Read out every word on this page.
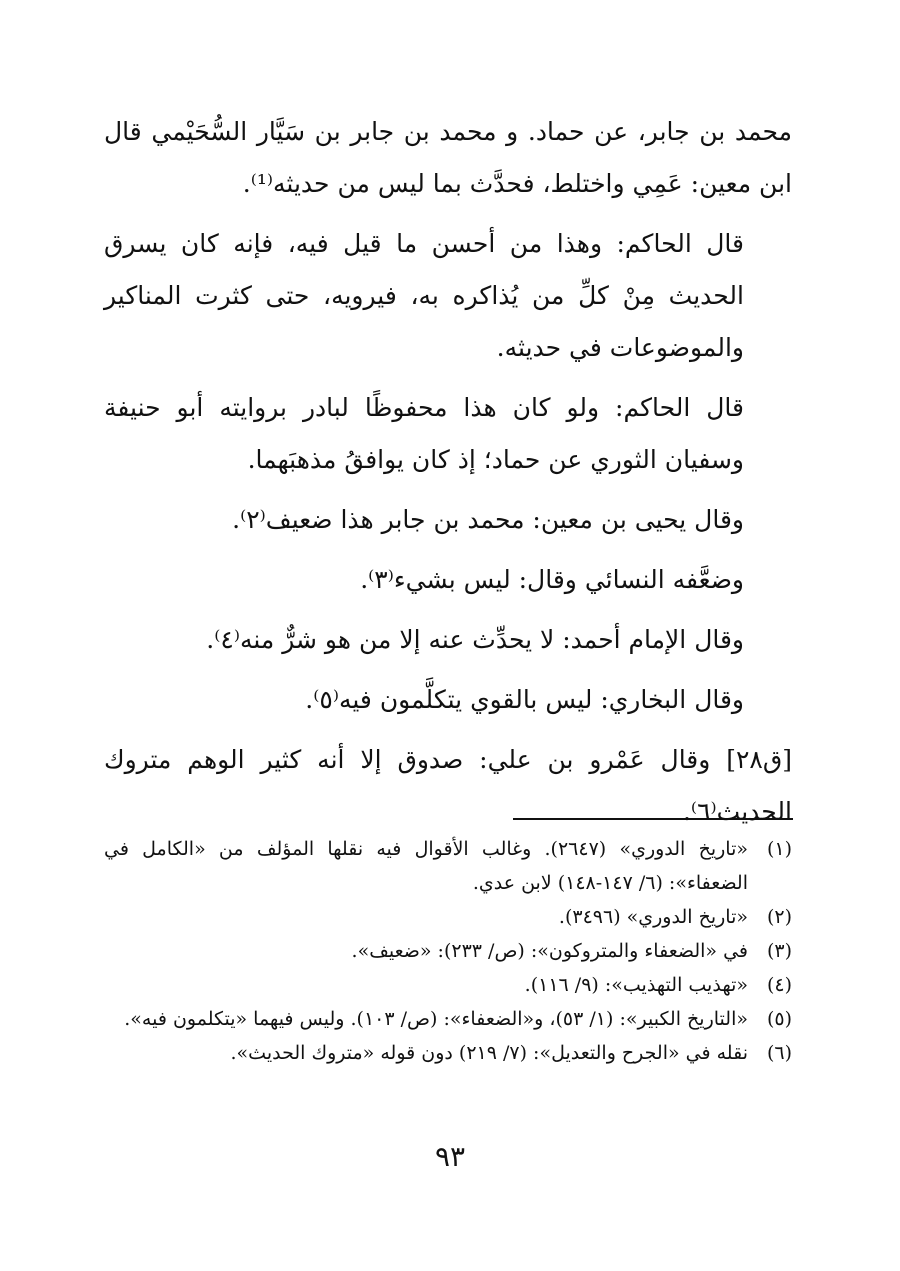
محمد بن جابر، عن حماد. و محمد بن جابر بن سَيَّار السُّحَيْمي قال ابن معين: عَمِي واختلط، فحدَّث بما ليس من حديثه⁽¹⁾.

قال الحاكم: وهذا من أحسن ما قيل فيه، فإنه كان يسرق الحديث مِنْ كلِّ من يُذاكره به، فيرويه، حتى كثرت المناكير والموضوعات في حديثه.

قال الحاكم: ولو كان هذا محفوظًا لبادر بروايته أبو حنيفة وسفيان الثوري عن حماد؛ إذ كان يوافقُ مذهبَهما.

وقال يحيى بن معين: محمد بن جابر هذا ضعيف⁽٢⁾.

وضعَّفه النسائي وقال: ليس بشيء⁽٣⁾.

وقال الإمام أحمد: لا يحدِّث عنه إلا من هو شرٌّ منه⁽٤⁾.

وقال البخاري: ليس بالقوي يتكلَّمون فيه⁽٥⁾.

[ق٢٨] وقال عَمْرو بن علي: صدوق إلا أنه كثير الوهم متروك الحديث⁽٦⁾.

(١)
«تاريخ الدوري» (٢٦٤٧). وغالب الأقوال فيه نقلها المؤلف من «الكامل في الضعفاء»: (٦/ ١٤٧-١٤٨) لابن عدي.
(٢)
«تاريخ الدوري» (٣٤٩٦).
(٣)
في «الضعفاء والمتروكون»: (ص/ ٢٣٣): «ضعيف».
(٤)
«تهذيب التهذيب»: (٩/ ١١٦).
(٥)
«التاريخ الكبير»: (١/ ٥٣)، و«الضعفاء»: (ص/ ١٠٣). وليس فيهما «يتكلمون فيه».
(٦)
نقله في «الجرح والتعديل»: (٧/ ٢١٩) دون قوله «متروك الحديث».
٩٣
